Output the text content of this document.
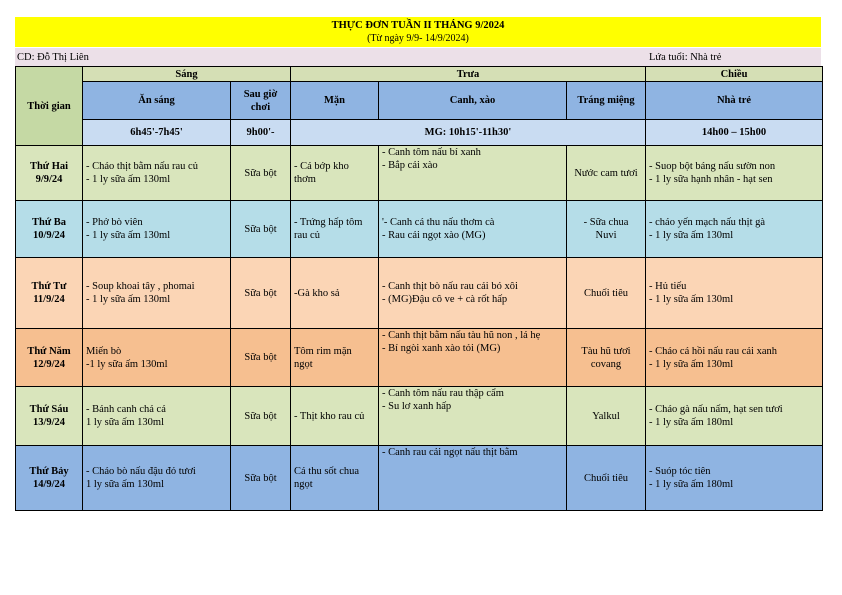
THỰC ĐƠN TUẦN II THÁNG 9/2024
(Từ ngày 9/9- 14/9/2024)
CD: Đỗ Thị Liên	Lứa tuổi: Nhà trẻ
Thời gian	Sáng		Trưa			Chiều
	Ăn sáng	Sau giờ chơi	Mặn	Canh, xào	Tráng miệng	Nhà trẻ
	6h45'-7h45'	9h00'-	MG: 10h15'-11h30'			14h00 – 15h00

Thứ Hai
9/9/24	- Cháo thịt bằm nấu rau củ
- 1 ly sữa ấm 130ml	Sữa bột	- Cá bớp kho
thơm	- Canh tôm nấu bí xanh
- Bắp cải xào	Nước cam tươi	- Suop bột báng nấu sườn non
- 1 ly sữa hạnh nhân - hạt sen

Thứ Ba
10/9/24	- Phở bò viên
- 1 ly sữa ấm 130ml	Sữa bột	- Trứng hấp tôm
rau củ	'- Canh cá thu nấu thơm cà
- Rau cải ngọt xào (MG)	- Sữa chua
Nuvi	- cháo yến mạch nấu thịt gà
- 1 ly sữa ấm 130ml

Thứ Tư
11/9/24	- Soup khoai tây , phomai
- 1 ly sữa ấm 130ml	Sữa bột	-Gà kho sả	- Canh thịt bò nấu rau cải bó xôi
- (MG)Đậu cô ve + cà rốt hấp	Chuối tiêu	- Hủ tiếu
- 1 ly sữa ấm 130ml

Thứ Năm
12/9/24	Miến bò
-1 ly sữa ấm 130ml	Sữa bột	Tôm rim mặn
ngọt	- Canh thịt bằm nấu tàu hũ non , lá hẹ
- Bí ngòi xanh xào tỏi (MG)	Tàu hũ tươi
covang	- Cháo cá hồi nấu rau cải xanh
- 1 ly sữa ấm 130ml

Thứ Sáu
13/9/24	- Bánh canh chả cá
1 ly sữa ấm 130ml	Sữa bột	- Thịt kho rau củ	- Canh tôm nấu rau thập cẩm
- Su lơ xanh hấp	Yalkul	- Cháo gà nấu nấm, hạt sen tươi
- 1 ly sữa ấm 180ml

Thứ Bảy
14/9/24	- Cháo bò nấu đậu đỏ tươi
1 ly sữa ấm 130ml	Sữa bột	Cá thu sốt chua
ngọt	- Canh rau cải ngọt nấu thịt bằm	Chuối tiêu	- Suóp tóc tiên
- 1 ly sữa ấm 180ml
